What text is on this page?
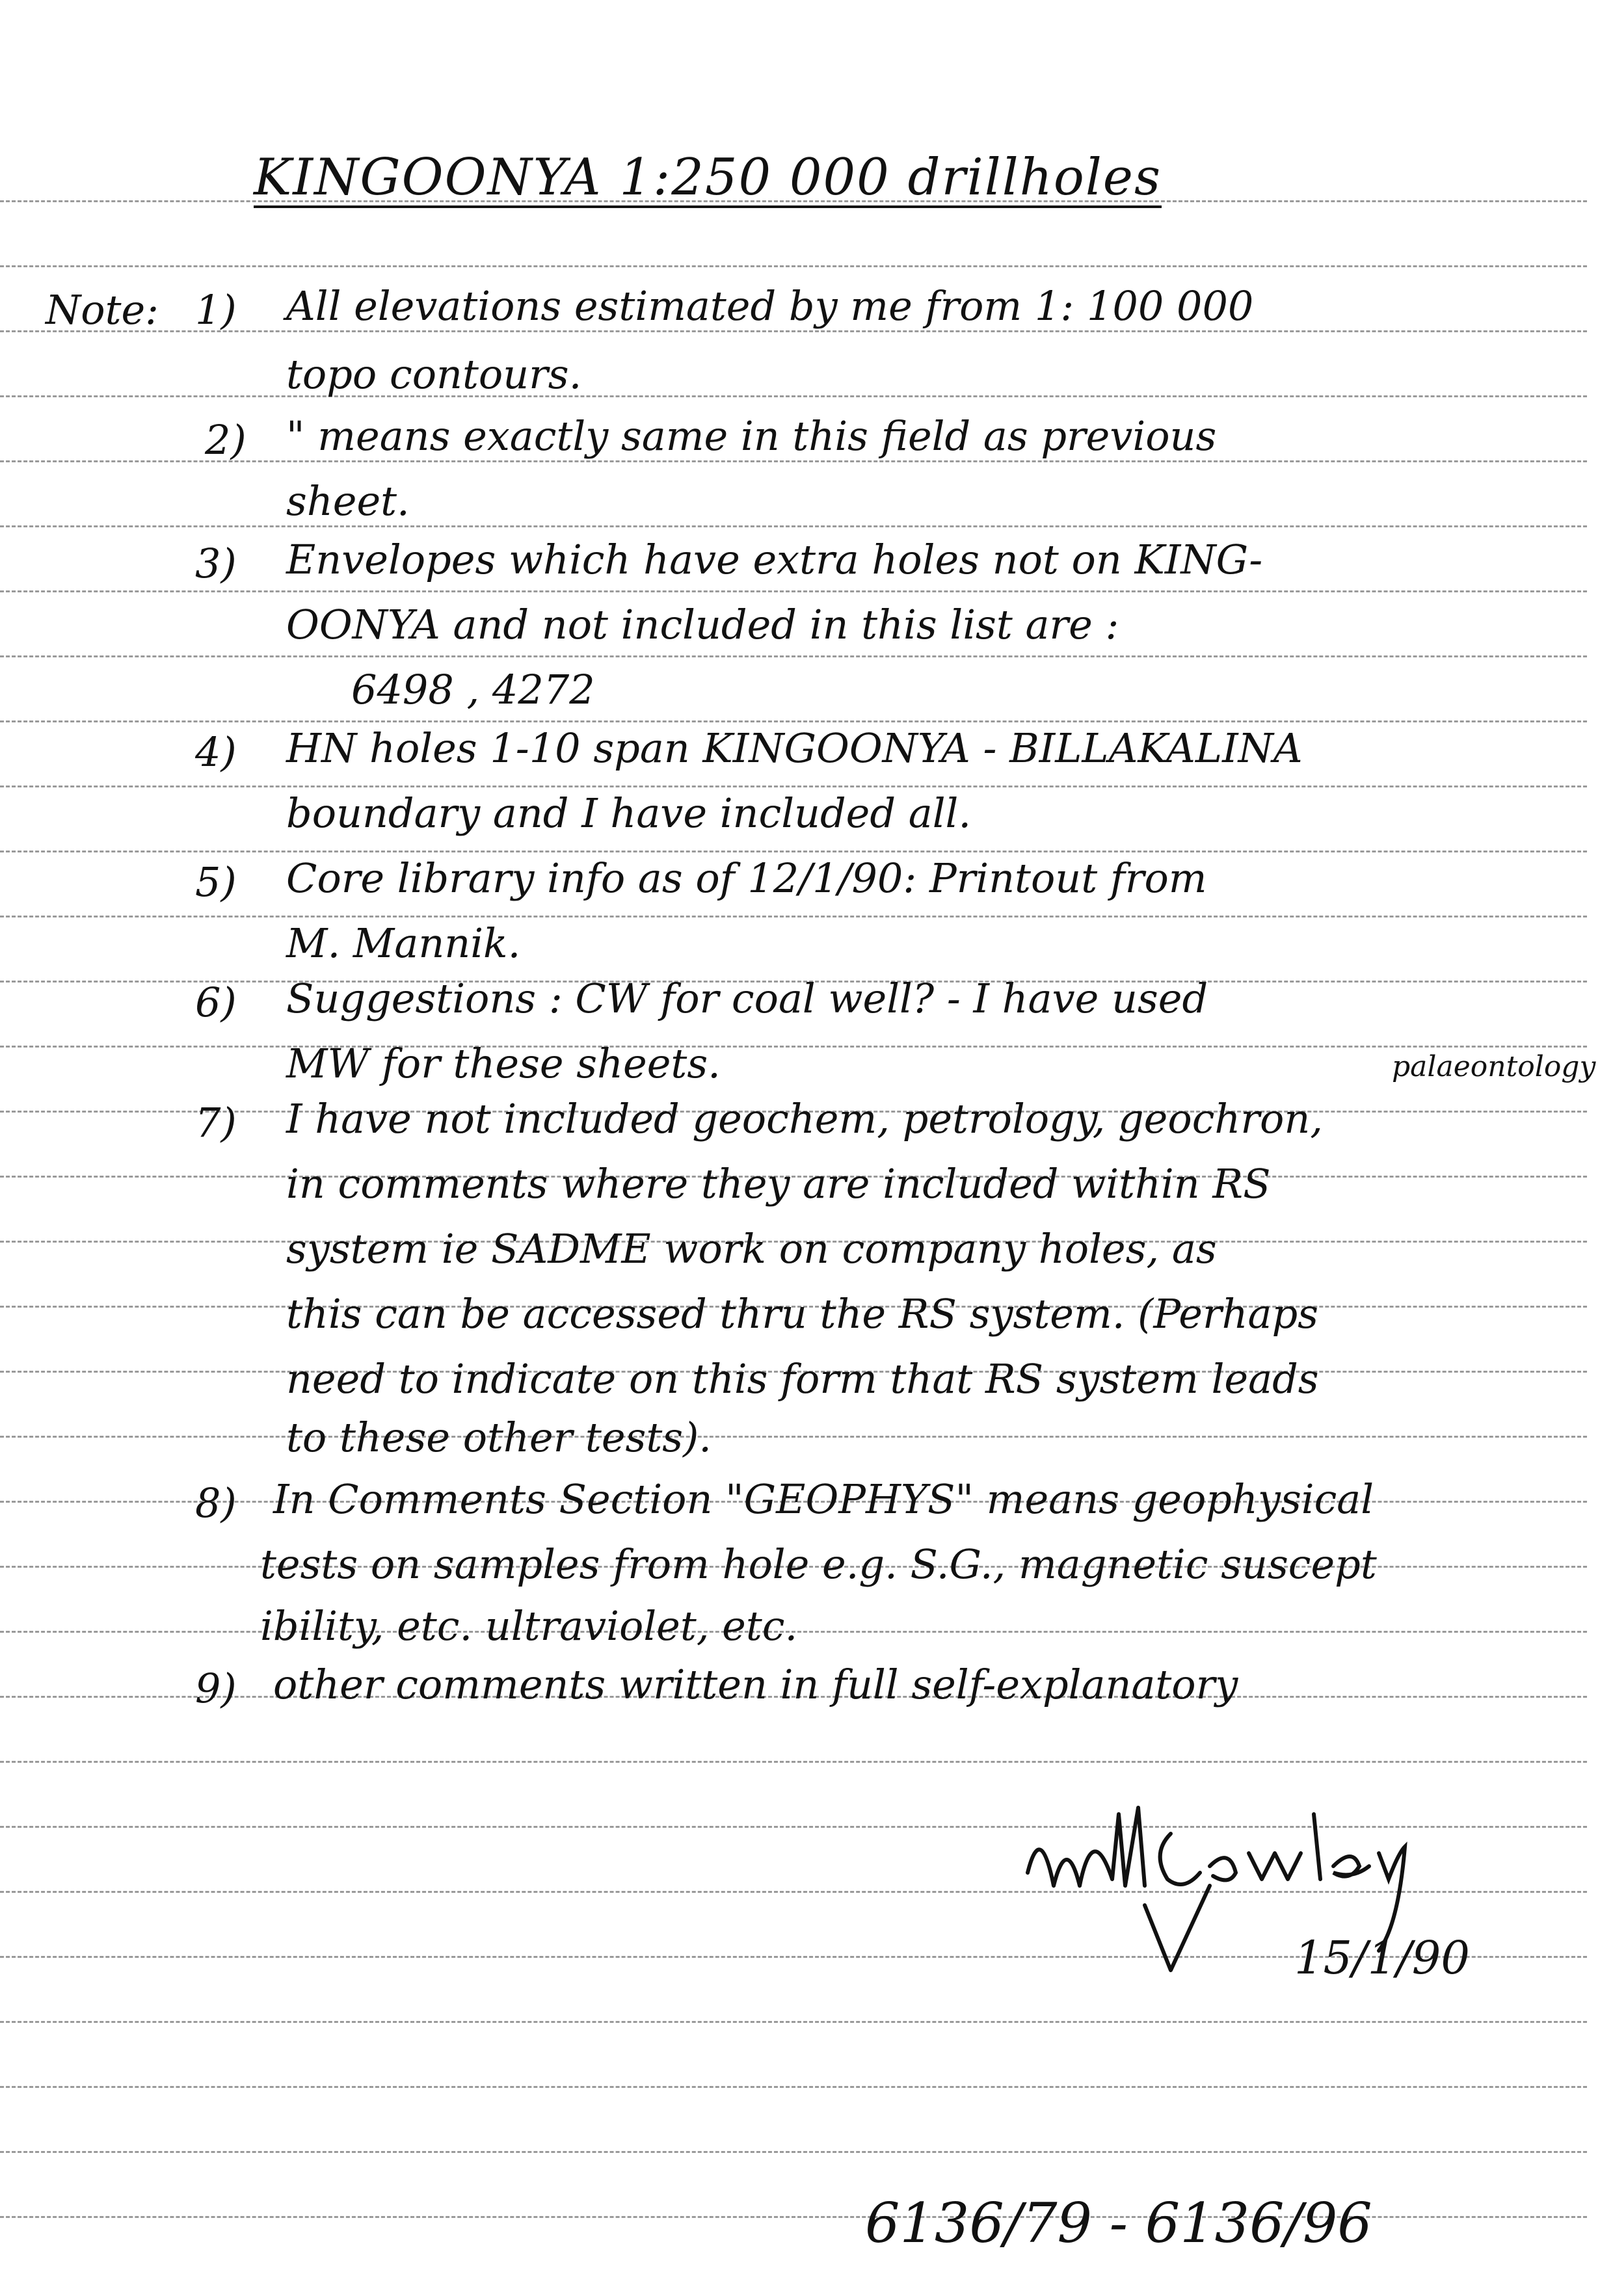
KINGOONYA 1:250 000 drillholes
Note: 1) All elevations estimated by me from 1: 100 000
topo contours.
2) " means exactly same in this field as previous
sheet.
3) Envelopes which have extra holes not on KING-
OONYA and not included in this list are :
6498 , 4272
4) HN holes 1-10 span KINGOONYA - BILLAKALINA
boundary and I have included all.
5) Core library info as of 12/1/90: Printout from
M. Mannik.
6) Suggestions : CW for coal well? - I have used
MW for these sheets.	palaeontology
7) I have not included geochem, petrology, geochron,
in comments where they are included within RS
system ie SADME work on company holes, as
this can be accessed thru the RS system. (Perhaps
need to indicate on this form that RS system leads
to these other tests).
8) In Comments Section "GEOPHYS" means geophysical
tests on samples from hole e.g. S.G., magnetic suscept
ibility, etc. ultraviolet, etc.
9) other comments written in full self-explanatory
15/1/90
6136/79 - 6136/96
